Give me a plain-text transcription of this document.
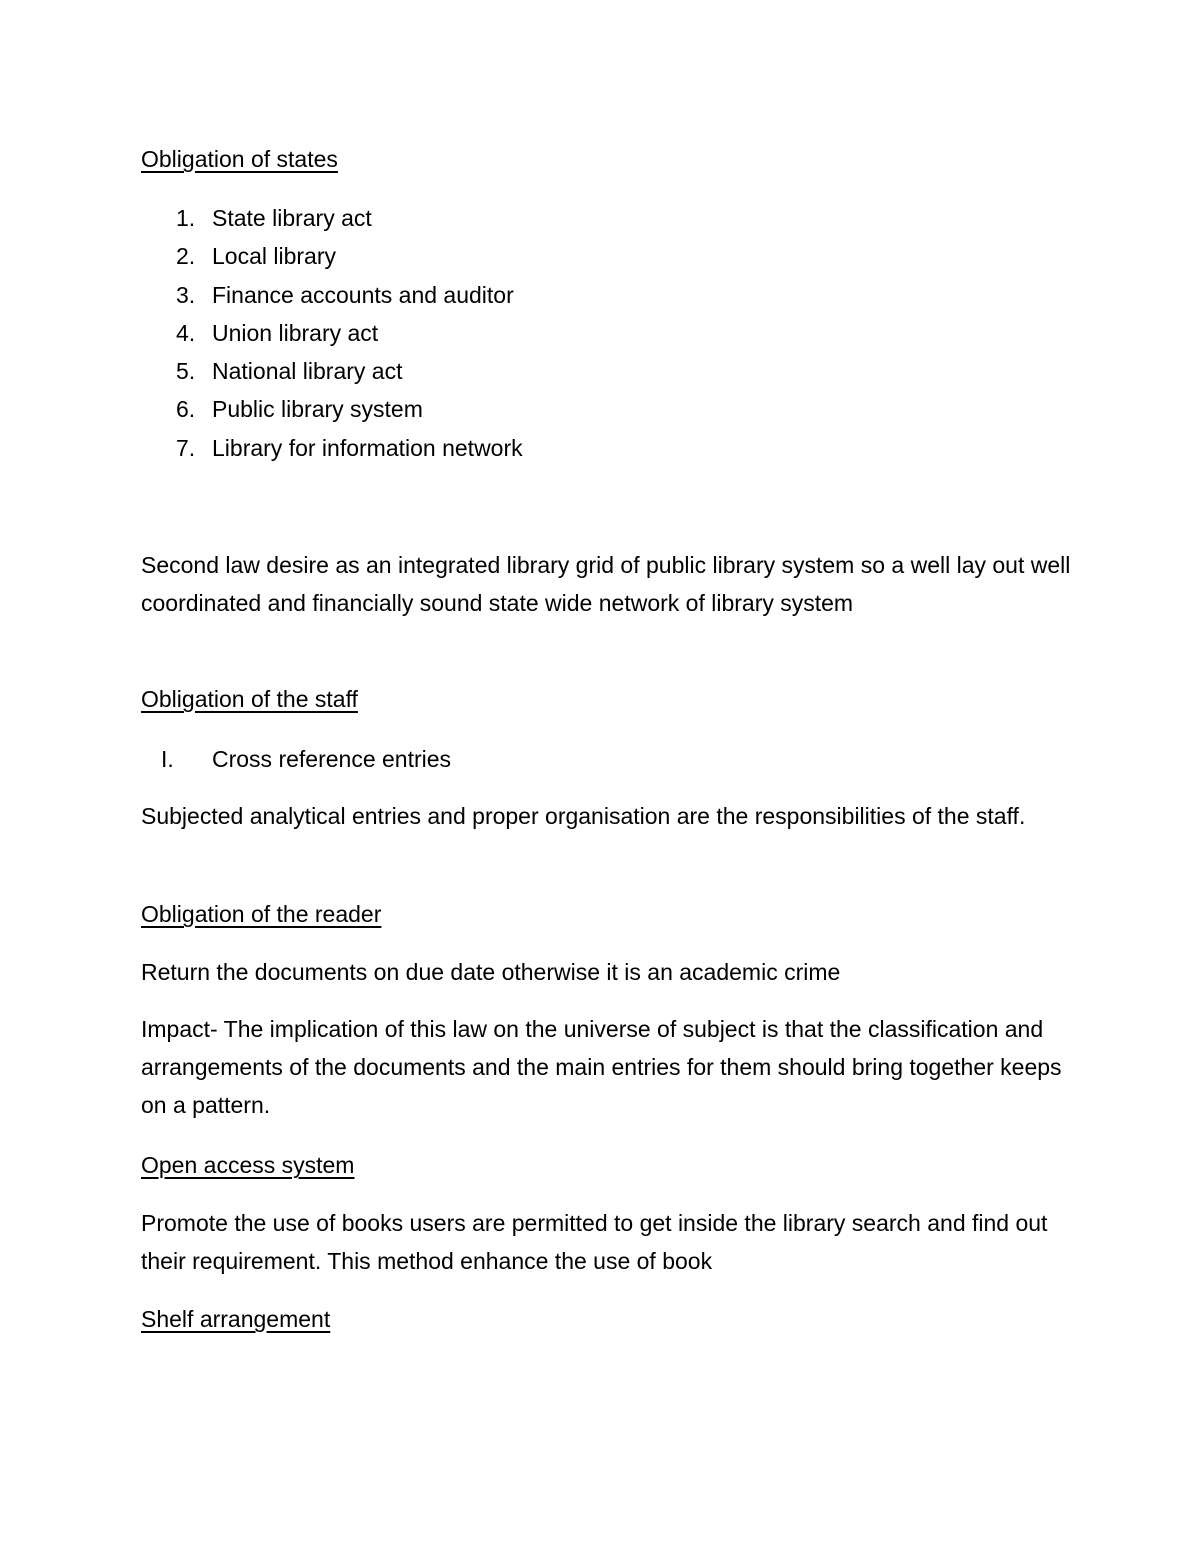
Obligation of states
1. State library act
2. Local library
3. Finance accounts and auditor
4. Union library act
5. National library act
6. Public library system
7. Library for information network

Second law desire as an integrated library grid of public library system so a well lay out well coordinated and financially sound state wide network of library system

Obligation of the staff
I. Cross reference entries

Subjected analytical entries and proper organisation are the responsibilities of the staff.

Obligation of the reader

Return the documents on due date otherwise it is an academic crime

Impact- The implication of this law on the universe of subject is that the classification and arrangements of the documents and the main entries for them should bring together keeps on a pattern.

Open access system

Promote the use of books users are permitted to get inside the library search and find out their requirement. This method enhance the use of book

Shelf arrangement
